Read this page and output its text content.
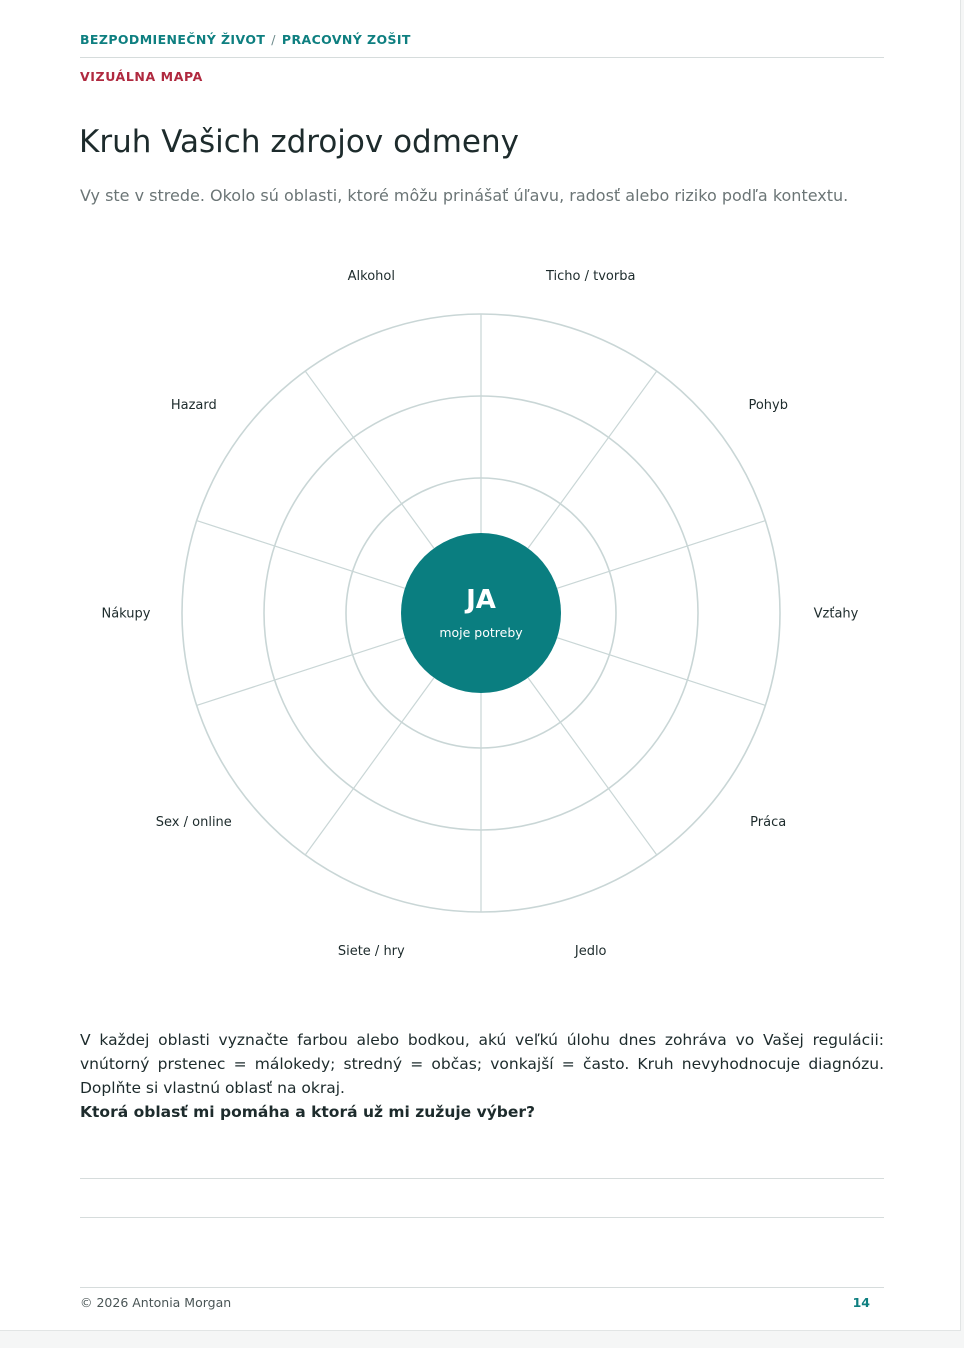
BEZPODMIENEČNÝ ŽIVOT / PRACOVNÝ ZOŠIT
VIZUÁLNA MAPA
Kruh Vašich zdrojov odmeny

Vy ste v strede. Okolo sú oblasti, ktoré môžu prinášať úľavu, radosť alebo riziko podľa kontextu.

Ticho / tvorba
Pohyb
Vzťahy
Práca
Jedlo
Siete / hry
Sex / online
Nákupy
Hazard
Alkohol
JA
moje potreby

V každej oblasti vyznačte farbou alebo bodkou, akú veľkú úlohu dnes zohráva vo Vašej regulácii: vnútorný prstenec = málokedy; stredný = občas; vonkajší = často. Kruh nevyhodnocuje diagnózu. Doplňte si vlastnú oblasť na okraj.

Ktorá oblasť mi pomáha a ktorá už mi zužuje výber?

© 2026 Antonia Morgan	14
